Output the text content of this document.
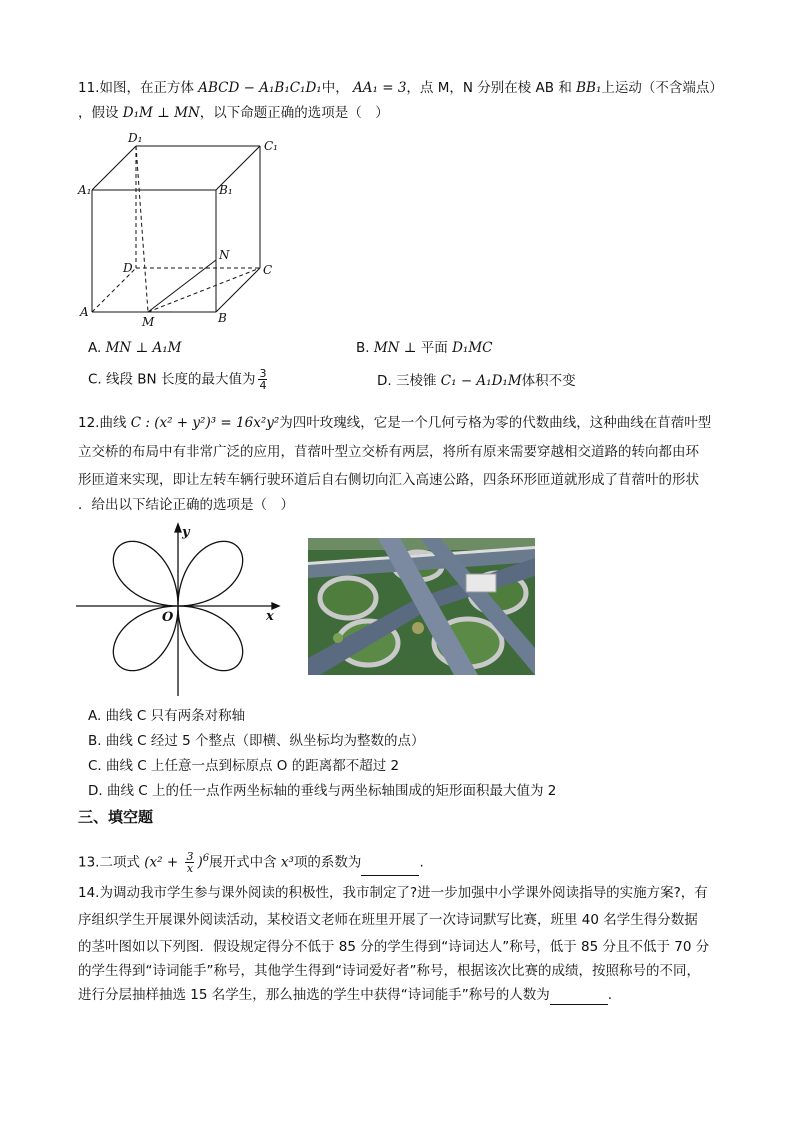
11.如图，在正方体 ABCD − A₁B₁C₁D₁中， AA₁ = 3，点 M，N 分别在棱 AB 和 BB₁上运动（不含端点）
，假设 D₁M ⊥ MN，以下命题正确的选项是（　）
D₁
C₁
A₁	B₁
D	C
N
A
M	B
A. MN ⊥ A₁M	B. MN ⊥ 平面 D₁MC
C. 线段 BN 长度的最大值为 $\frac{3}{4}$	D. 三棱锥 C₁ − A₁D₁M体积不变
12.曲线 C : (x² + y²)³ = 16x²y²为四叶玫瑰线，它是一个几何亏格为零的代数曲线，这种曲线在苜蓿叶型
立交桥的布局中有非常广泛的应用，苜蓿叶型立交桥有两层，将所有原来需要穿越相交道路的转向都由环
形匝道来实现，即让左转车辆行驶环道后自右侧切向汇入高速公路，四条环形匝道就形成了苜蓿叶的形状
．给出以下结论正确的选项是（　）
y
x
O
A. 曲线 C 只有两条对称轴
B. 曲线 C 经过 5 个整点（即横、纵坐标均为整数的点）
C. 曲线 C 上任意一点到标原点 O 的距离都不超过 2
D. 曲线 C 上的任一点作两坐标轴的垂线与两坐标轴围成的矩形面积最大值为 2
三、填空题
13.二项式 $(x^2 + \frac{3}{x} )^6$展开式中含 x³项的系数为	.
14.为调动我市学生参与课外阅读的积极性，我市制定了?进一步加强中小学课外阅读指导的实施方案?，有
序组织学生开展课外阅读活动，某校语文老师在班里开展了一次诗词默写比赛，班里 40 名学生得分数据
的茎叶图如以下列图．假设规定得分不低于 85 分的学生得到“诗词达人”称号，低于 85 分且不低于 70 分
的学生得到“诗词能手”称号，其他学生得到“诗词爱好者”称号，根据该次比赛的成绩，按照称号的不同，
进行分层抽样抽选 15 名学生，那么抽选的学生中获得“诗词能手”称号的人数为	.
